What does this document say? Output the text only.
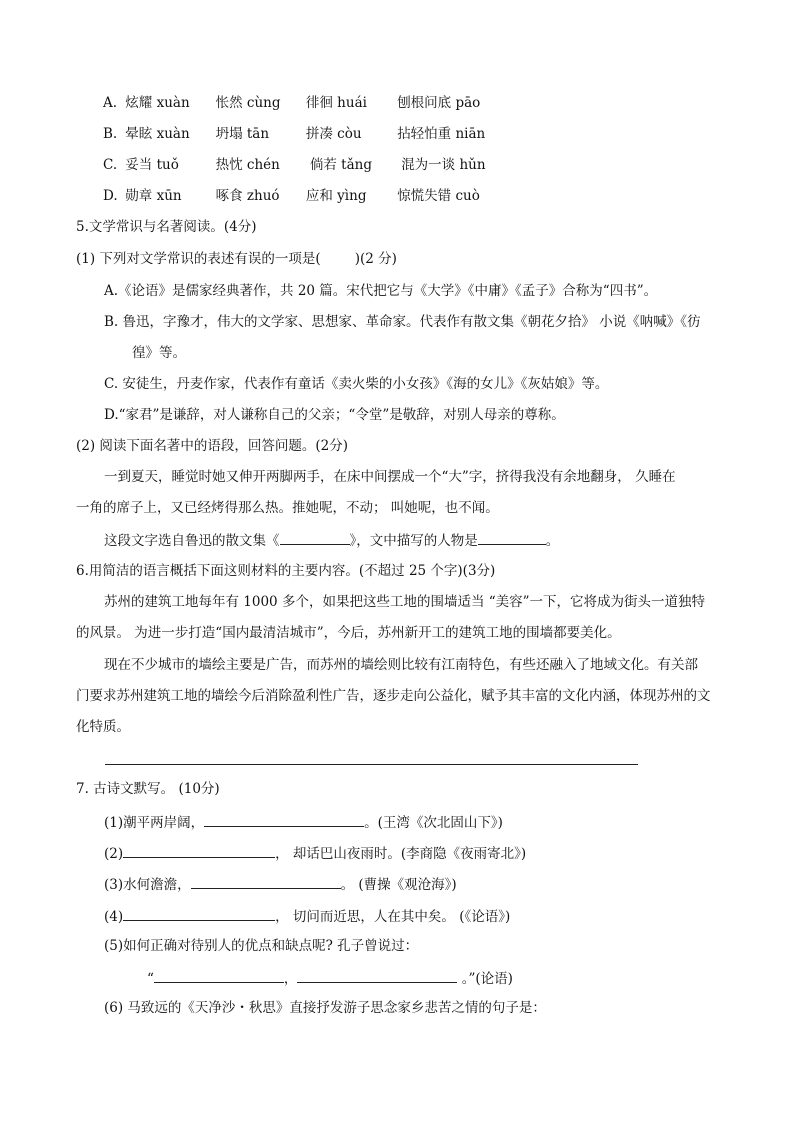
A. 炫耀 xuàn 怅然 cùng 徘徊 huái 刨根问底 pāo
B. 晕眩 xuàn 坍塌 tān	拼凑 còu	拈轻怕重 niān
C. 妥当 tuǒ	热忱 chén 倘若 tǎng 混为一谈 hǔn
D. 勋章 xūn	啄食 zhuó 应和 yìng 惊慌失错 cuò
5.文学常识与名著阅读。(4分)
(1) 下列对文学常识的表述有误的一项是(	)(2 分)
A.《论语》是儒家经典著作，共 20 篇。宋代把它与《大学》《中庸》《孟子》合称为“四书”。
B. 鲁迅，字豫才，伟大的文学家、思想家、革命家。代表作有散文集《朝花夕拾》 小说《呐喊》《彷
徨》等。
C. 安徒生，丹麦作家，代表作有童话《卖火柴的小女孩》《海的女儿》《灰姑娘》等。
D.“家君”是谦辞，对人谦称自己的父亲；“令堂”是敬辞，对别人母亲的尊称。
(2) 阅读下面名著中的语段，回答问题。(2分)
一到夏天，睡觉时她又伸开两脚两手，在床中间摆成一个“大”字，挤得我没有余地翻身， 久睡在
一角的席子上，又已经烤得那么热。推她呢，不动； 叫她呢，也不闻。
这段文字选自鲁迅的散文集《	》，文中描写的人物是	。
6.用简洁的语言概括下面这则材料的主要内容。(不超过 25 个字)(3分)
苏州的建筑工地每年有 1000 多个，如果把这些工地的围墙适当 “美容”一下，它将成为街头一道独特
的风景。 为进一步打造“国内最清洁城市”，今后，苏州新开工的建筑工地的围墙都要美化。
现在不少城市的墙绘主要是广告，而苏州的墙绘则比较有江南特色，有些还融入了地域文化。有关部
门要求苏州建筑工地的墙绘今后消除盈利性广告，逐步走向公益化，赋予其丰富的文化内涵，体现苏州的文
化特质。
7. 古诗文默写。 (10分)
(1)潮平两岸阔，	。(王湾《次北固山下》)
(2)	， 却话巴山夜雨时。(李商隐《夜雨寄北》)
(3)水何澹澹，	。 (曹操《观沧海》)
(4)	， 切问而近思，人在其中矣。 (《论语》)
(5)如何正确对待别人的优点和缺点呢? 孔子曾说过：
“	，	。”(论语)
(6) 马致远的《天净沙・秋思》直接抒发游子思念家乡悲苦之情的句子是：
